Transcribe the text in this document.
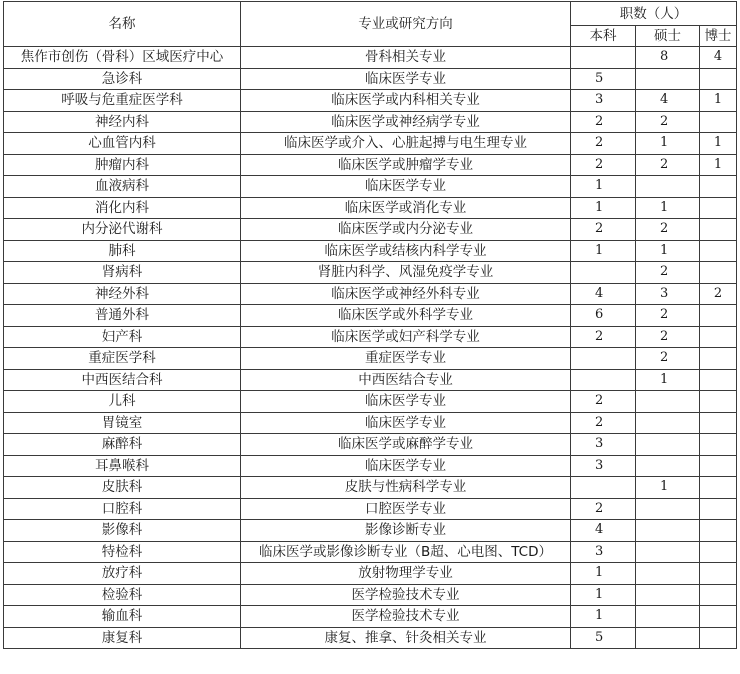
名称	专业或研究方向	职数（人）		
		本科	硕士	博士
焦作市创伤（骨科）区域医疗中心	骨科相关专业		8	4
急诊科	临床医学专业	5		
呼吸与危重症医学科	临床医学或内科相关专业	3	4	1
神经内科	临床医学或神经病学专业	2	2	
心血管内科	临床医学或介入、心脏起搏与电生理专业	2	1	1
肿瘤内科	临床医学或肿瘤学专业	2	2	1
血液病科	临床医学专业	1		
消化内科	临床医学或消化专业	1	1	
内分泌代谢科	临床医学或内分泌专业	2	2	
肺科	临床医学或结核内科学专业	1	1	
肾病科	肾脏内科学、风湿免疫学专业		2	
神经外科	临床医学或神经外科专业	4	3	2
普通外科	临床医学或外科学专业	6	2	
妇产科	临床医学或妇产科学专业	2	2	
重症医学科	重症医学专业		2	
中西医结合科	中西医结合专业		1	
儿科	临床医学专业	2		
胃镜室	临床医学专业	2		
麻醉科	临床医学或麻醉学专业	3		
耳鼻喉科	临床医学专业	3		
皮肤科	皮肤与性病科学专业		1	
口腔科	口腔医学专业	2		
影像科	影像诊断专业	4		
特检科	临床医学或影像诊断专业（B超、心电图、TCD）	3		
放疗科	放射物理学专业	1		
检验科	医学检验技术专业	1		
输血科	医学检验技术专业	1		
康复科	康复、推拿、针灸相关专业	5		
